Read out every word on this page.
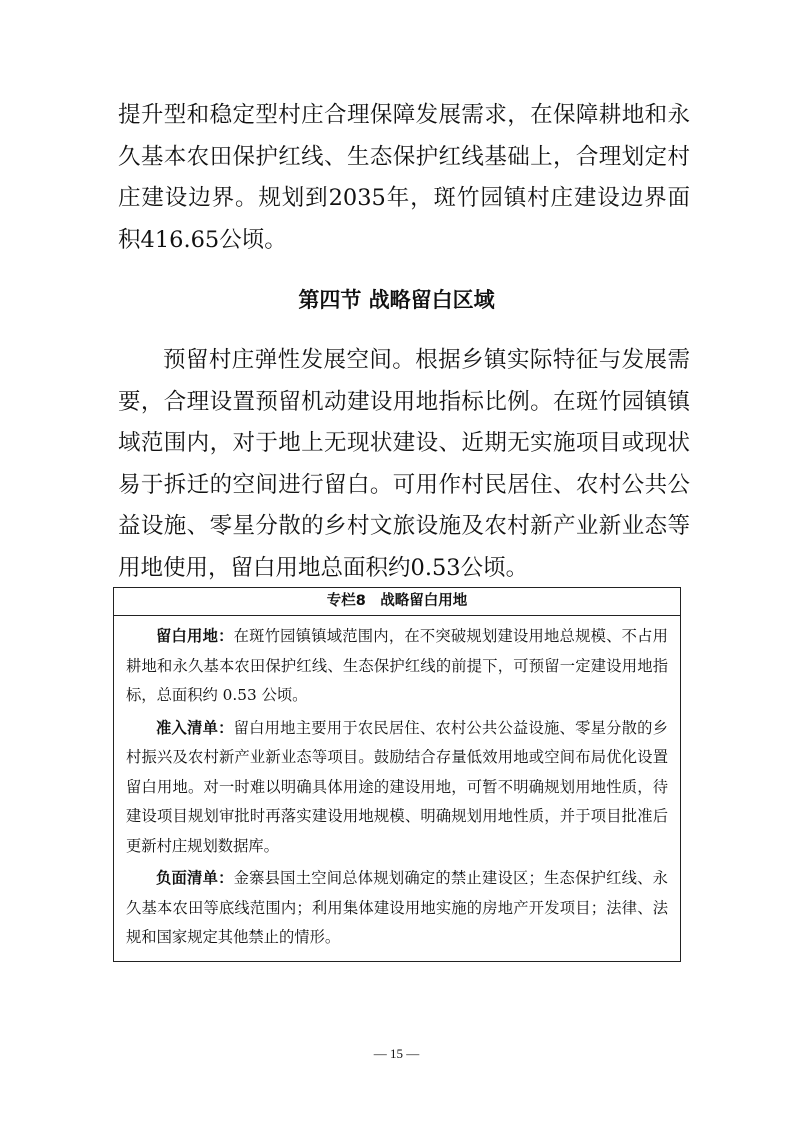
提升型和稳定型村庄合理保障发展需求，在保障耕地和永久基本农田保护红线、生态保护红线基础上，合理划定村庄建设边界。规划到2035年，斑竹园镇村庄建设边界面积416.65公顷。

第四节 战略留白区域

预留村庄弹性发展空间。根据乡镇实际特征与发展需要，合理设置预留机动建设用地指标比例。在斑竹园镇镇域范围内，对于地上无现状建设、近期无实施项目或现状易于拆迁的空间进行留白。可用作村民居住、农村公共公益设施、零星分散的乡村文旅设施及农村新产业新业态等用地使用，留白用地总面积约0.53公顷。

专栏8　战略留白用地

留白用地：在斑竹园镇镇域范围内，在不突破规划建设用地总规模、不占用耕地和永久基本农田保护红线、生态保护红线的前提下，可预留一定建设用地指标，总面积约 0.53 公顷。

准入清单：留白用地主要用于农民居住、农村公共公益设施、零星分散的乡村振兴及农村新产业新业态等项目。鼓励结合存量低效用地或空间布局优化设置留白用地。对一时难以明确具体用途的建设用地，可暂不明确规划用地性质，待建设项目规划审批时再落实建设用地规模、明确规划用地性质，并于项目批准后更新村庄规划数据库。

负面清单：金寨县国土空间总体规划确定的禁止建设区；生态保护红线、永久基本农田等底线范围内；利用集体建设用地实施的房地产开发项目；法律、法规和国家规定其他禁止的情形。

— 15 —
